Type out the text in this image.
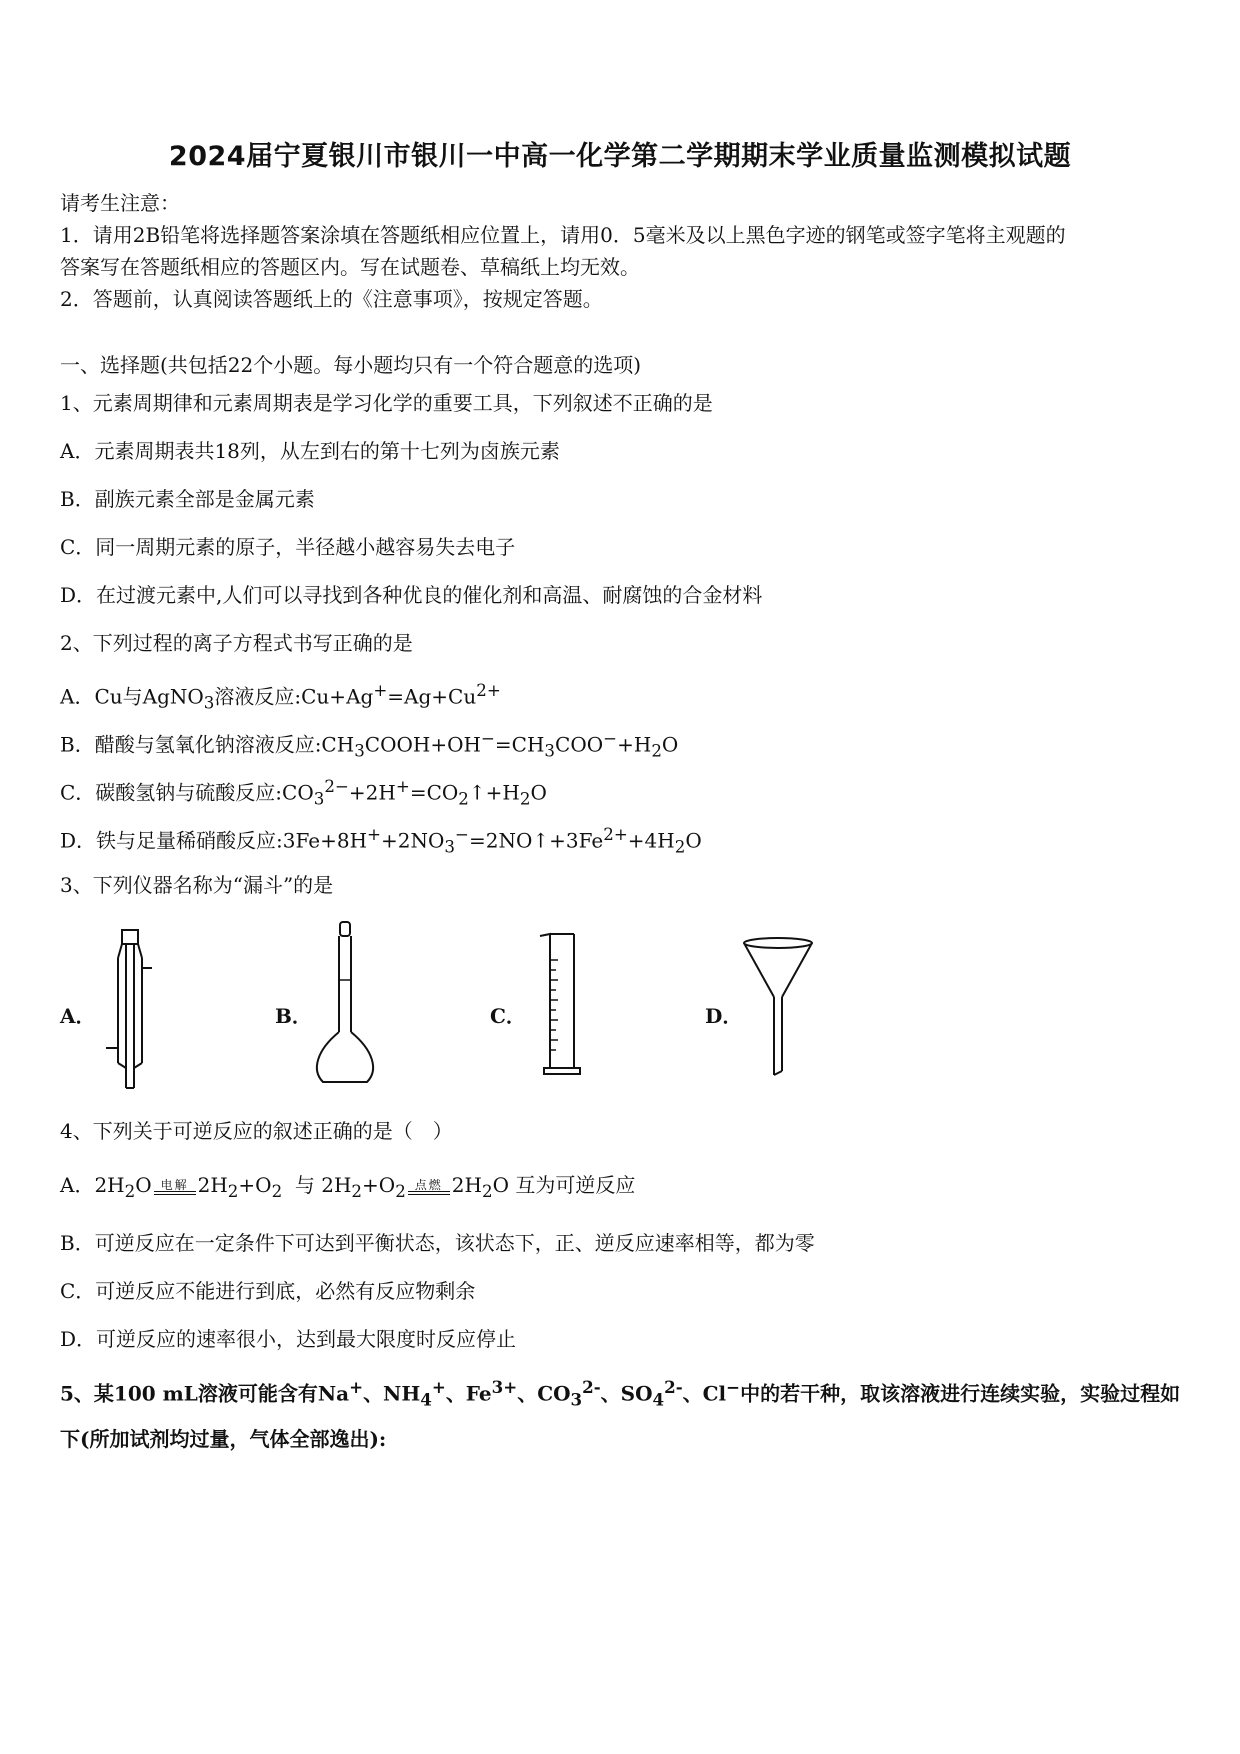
2024届宁夏银川市银川一中高一化学第二学期期末学业质量监测模拟试题
请考生注意：
1．请用2B铅笔将选择题答案涂填在答题纸相应位置上，请用0．5毫米及以上黑色字迹的钢笔或签字笔将主观题的
答案写在答题纸相应的答题区内。写在试题卷、草稿纸上均无效。
2．答题前，认真阅读答题纸上的《注意事项》，按规定答题。
一、选择题(共包括22个小题。每小题均只有一个符合题意的选项)
1、元素周期律和元素周期表是学习化学的重要工具，下列叙述不正确的是
A．元素周期表共18列，从左到右的第十七列为卤族元素
B．副族元素全部是金属元素
C．同一周期元素的原子，半径越小越容易失去电子
D．在过渡元素中,人们可以寻找到各种优良的催化剂和高温、耐腐蚀的合金材料
2、下列过程的离子方程式书写正确的是
A．Cu与AgNO$_3$溶液反应$:Cu+Ag^+=Ag+Cu^{2+}$
B．醋酸与氢氧化钠溶液反应$:CH_3COOH+OH^-=CH_3COO^-+H_2O$
C．碳酸氢钠与硫酸反应$:CO_3^{2-}+2H^+=CO_2↑+H_2O$
D．铁与足量稀硝酸反应$:3Fe+8H^++2NO_3^-=2NO↑+3Fe^{2+}+4H_2O$
3、下列仪器名称为“漏斗”的是
A．	B．	C．	D．
4、下列关于可逆反应的叙述正确的是（　）
A．$2H_2O$ 电解 $2H_2+O_2$ 与 $2H_2+O_2$ 点燃 $2H_2O$ 互为可逆反应
B．可逆反应在一定条件下可达到平衡状态，该状态下，正、逆反应速率相等，都为零
C．可逆反应不能进行到底，必然有反应物剩余
D．可逆反应的速率很小，达到最大限度时反应停止
5、某100 mL溶液可能含有Na+、$NH_4^+$、$Fe^{3+}$、$CO_3^{2-}$、$SO_4^{2-}$、Cl−中的若干种，取该溶液进行连续实验，实验过程如
下(所加试剂均过量，气体全部逸出):
